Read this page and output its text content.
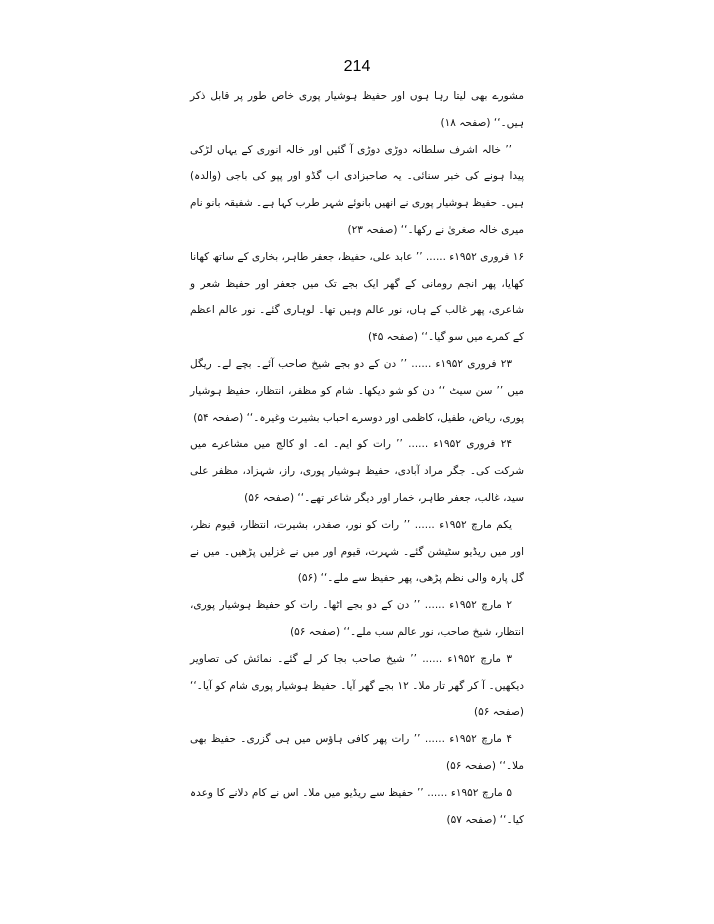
214

مشورے بھی لیتا رہا ہوں اور حفیظ ہوشیار پوری خاص طور پر قابل ذکر ہیں۔‘‘ (صفحہ ۱۸)

’’ خالہ اشرف سلطانہ دوڑی دوڑی آ گئیں اور خالہ انوری کے یہاں لڑکی پیدا ہونے کی خبر سنائی۔ یہ صاحبزادی اب گڈو اور پپو کی باجی (والدہ) ہیں۔ حفیظ ہوشیار پوری نے انھیں بانوئے شہر طرب کہا ہے۔ شفیقہ بانو نام میری خالہ صغریٰ نے رکھا۔‘‘ (صفحہ ۲۳)

۱۶ فروری ۱۹۵۲ء ...... ’’ عابد علی، حفیظ، جعفر طاہر، بخاری کے ساتھ کھانا کھایا، پھر انجم رومانی کے گھر ایک بجے تک میں جعفر اور حفیظ شعر و شاعری، پھر غالب کے ہاں، نور عالم وہیں تھا۔ لوہاری گئے۔ نور عالم اعظم کے کمرے میں سو گیا۔‘‘ (صفحہ ۴۵)

۲۳ فروری ۱۹۵۲ء ...... ’’ دن کے دو بجے شیخ صاحب آئے۔ بچے لے۔ ریگل میں ’’ سن سیٹ ‘‘ دن کو شو دیکھا۔ شام کو مظفر، انتظار، حفیظ ہوشیار پوری، ریاض، طفیل، کاظمی اور دوسرے احباب بشیرت وغیرہ۔‘‘ (صفحہ ۵۴)

۲۴ فروری ۱۹۵۲ء ...... ’’ رات کو ایم۔ اے۔ او کالج میں مشاعرے میں شرکت کی۔ جگر مراد آبادی، حفیظ ہوشیار پوری، راز، شہزاد، مظفر علی سید، غالب، جعفر طاہر، خمار اور دیگر شاعر تھے۔‘‘ (صفحہ ۵۶)

یکم مارچ ۱۹۵۲ء ...... ’’ رات کو نور، صفدر، بشیرت، انتظار، قیوم نظر، اور میں ریڈیو سٹیشن گئے۔ شہرت، قیوم اور میں نے غزلیں پڑھیں۔ میں نے گل پارہ والی نظم پڑھی، پھر حفیظ سے ملے۔‘‘ (۵۶)

۲ مارچ ۱۹۵۲ء ...... ’’ دن کے دو بجے اٹھا۔ رات کو حفیظ ہوشیار پوری، انتظار، شیخ صاحب، نور عالم سب ملے۔‘‘ (صفحہ ۵۶)

۳ مارچ ۱۹۵۲ء ...... ’’ شیخ صاحب بجا کر لے گئے۔ نمائش کی تصاویر دیکھیں۔ آ کر گھر تار ملا۔ ۱۲ بجے گھر آیا۔ حفیظ ہوشیار پوری شام کو آیا۔‘‘ (صفحہ ۵۶)

۴ مارچ ۱۹۵۲ء ...... ’’ رات پھر کافی ہاؤس میں ہی گزری۔ حفیظ بھی ملا۔‘‘ (صفحہ ۵۶)

۵ مارچ ۱۹۵۲ء ...... ’’ حفیظ سے ریڈیو میں ملا۔ اس نے کام دلانے کا وعدہ کیا۔‘‘ (صفحہ ۵۷)
